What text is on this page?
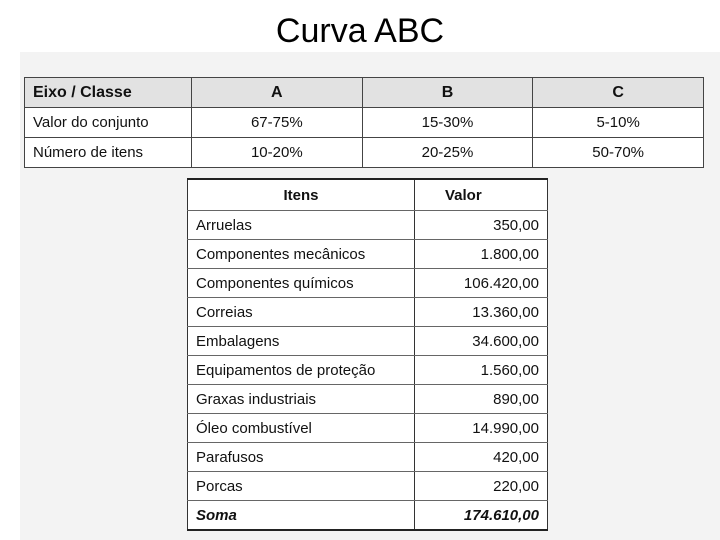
Curva ABC
Eixo / Classe	A	B	C
Valor do conjunto	67-75%	15-30%	5-10%
Número de itens	10-20%	20-25%	50-70%
Itens	Valor
Arruelas	350,00
Componentes mecânicos	1.800,00
Componentes químicos	106.420,00
Correias	13.360,00
Embalagens	34.600,00
Equipamentos de proteção	1.560,00
Graxas industriais	890,00
Óleo combustível	14.990,00
Parafusos	420,00
Porcas	220,00
Soma	174.610,00
